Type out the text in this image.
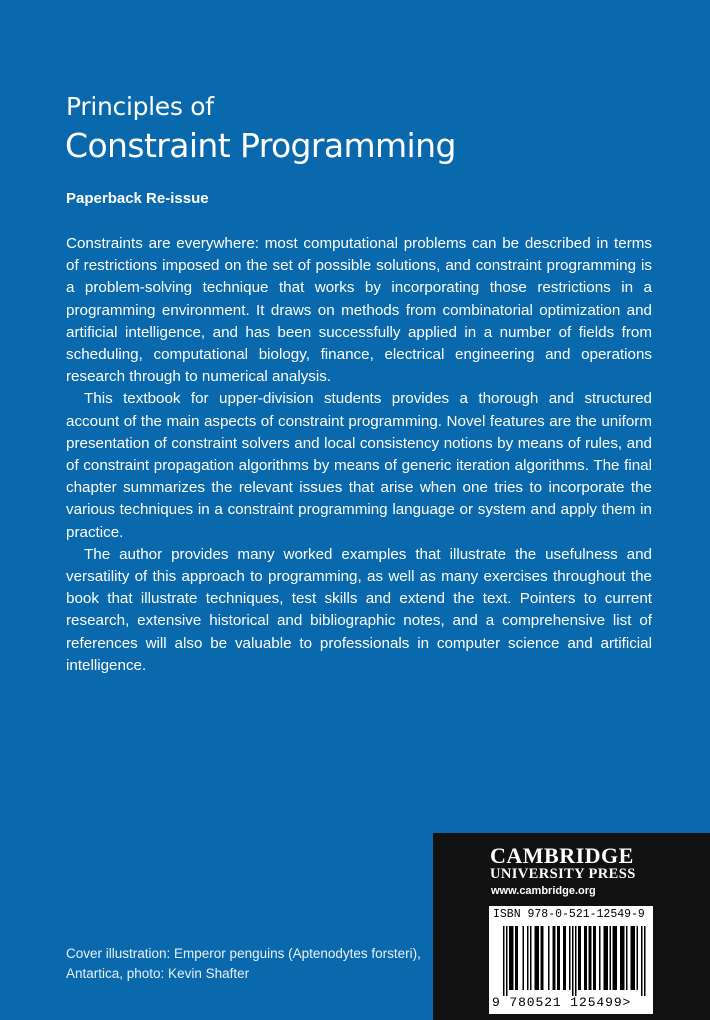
Principles of
Constraint Programming
Paperback Re-issue

Constraints are everywhere: most computational problems can be described in terms of restrictions imposed on the set of possible solutions, and constraint programming is a problem-solving technique that works by incorporating those restrictions in a programming environment. It draws on methods from combinatorial optimization and artificial intelligence, and has been successfully applied in a number of fields from scheduling, computational biology, finance, electrical engineering and operations research through to numerical analysis.

This textbook for upper-division students provides a thorough and structured account of the main aspects of constraint programming. Novel features are the uniform presentation of constraint solvers and local consistency notions by means of rules, and of constraint propagation algorithms by means of generic iteration algorithms. The final chapter summarizes the relevant issues that arise when one tries to incorporate the various techniques in a constraint programming language or system and apply them in practice.

The author provides many worked examples that illustrate the usefulness and versatility of this approach to programming, as well as many exercises throughout the book that illustrate techniques, test skills and extend the text. Pointers to current research, extensive historical and bibliographic notes, and a comprehensive list of references will also be valuable to professionals in computer science and artificial intelligence.

Cover illustration: Emperor penguins (Aptenodytes forsteri),
Antartica, photo: Kevin Shafter
CAMBRIDGE
UNIVERSITY PRESS
www.cambridge.org
ISBN 978-0-521-12549-9
9 780521 125499>
